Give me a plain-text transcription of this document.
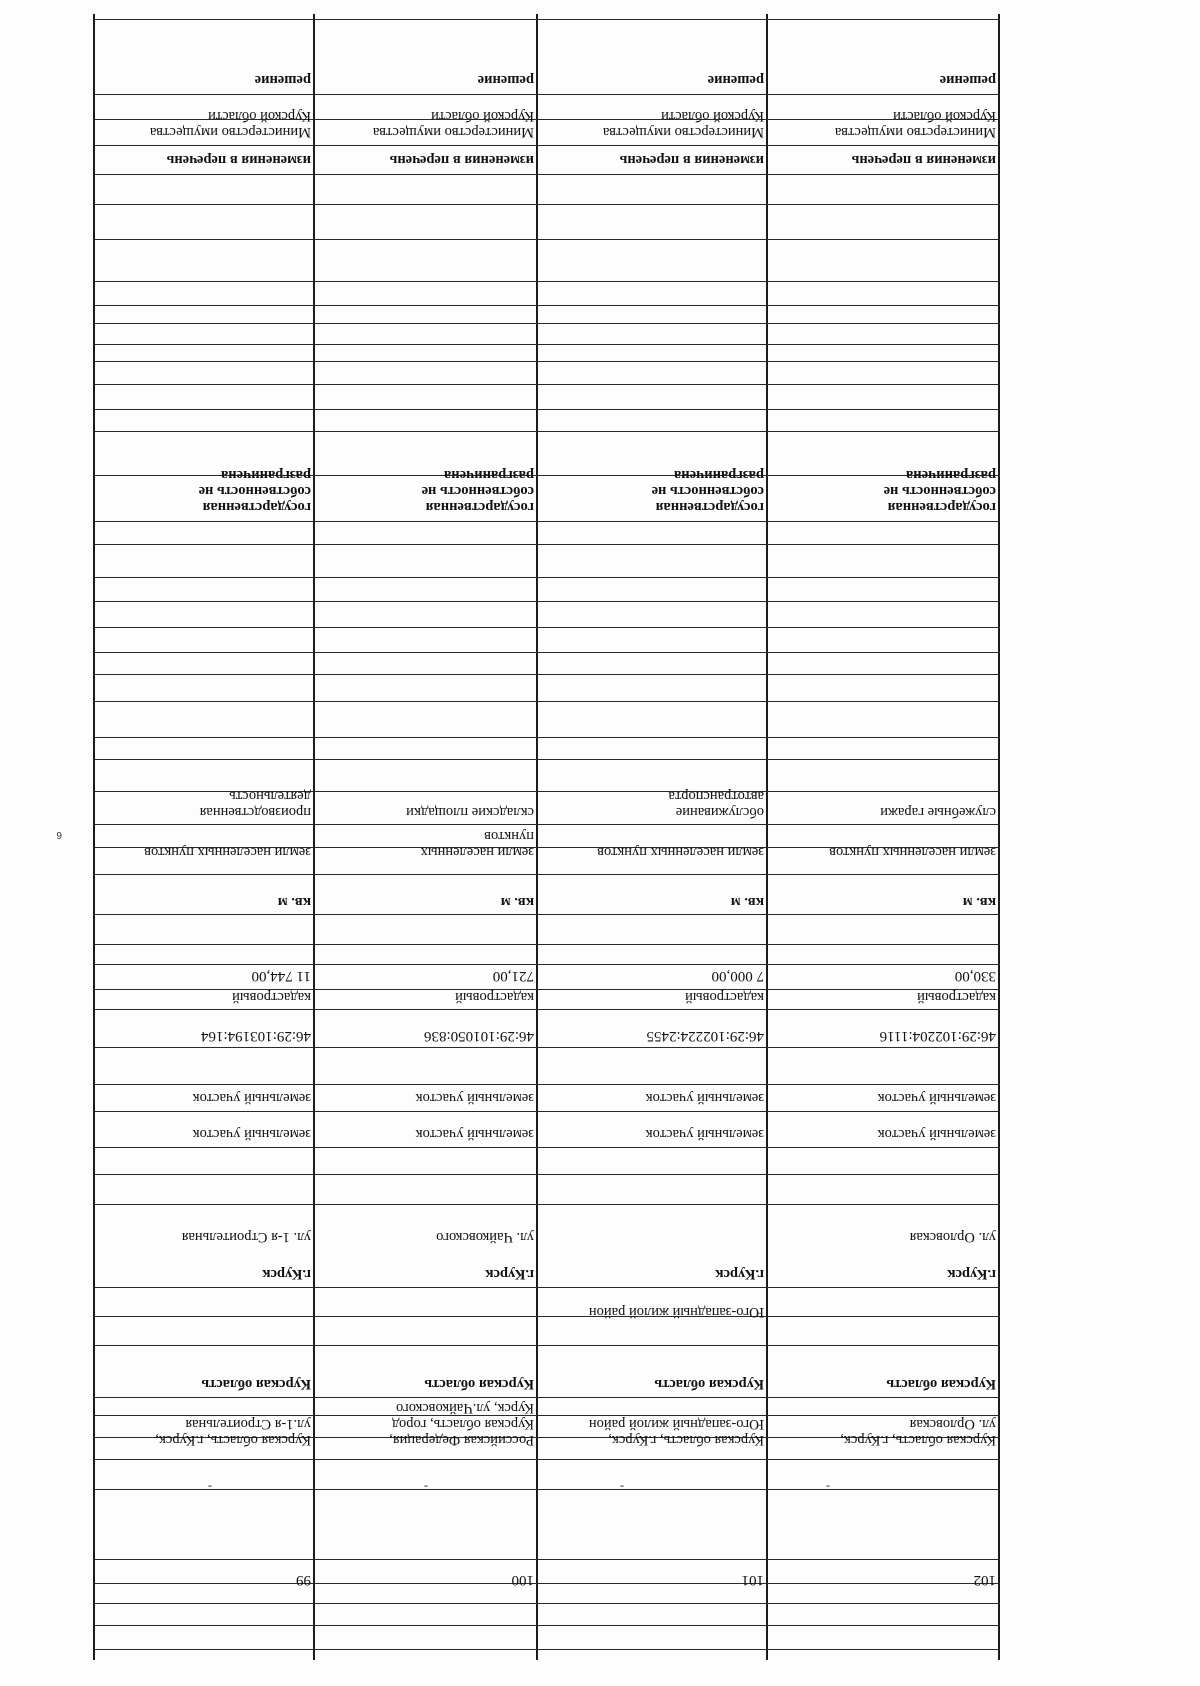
99
Курская область, г.Курск,
ул.1-я Строительная
Курская область
г.Курск
ул. 1-я Строительная
земельный участок
земельный участок
46:29:103194:164
кадастровый
11 744,00
кв. м
земли населенных пунктов
производственная
деятельность
государственная
собственность не
разграничена
изменения в перечень
Министерство имущества
Курской области
решение
100
Российская Федерация,
Курская область, город
Курск, ул.Чайковского
Курская область
г.Курск
ул. Чайковского
земельный участок
земельный участок
46:29:101050:836
кадастровый
721,00
кв. м
земли населенных
пунктов
складские площадки
государственная
собственность не
разграничена
изменения в перечень
Министерство имущества
Курской области
решение
101
Курская область, г.Курск,
Юго-западный жилой район
Курская область
Юго-западный жилой район
г.Курск
земельный участок
земельный участок
46:29:102224:2455
кадастровый
7 000,00
кв. м
земли населенных пунктов
обслуживание
автотранспорта
государственная
собственность не
разграничена
изменения в перечень
Министерство имущества
Курской области
решение
102
Курская область, г.Курск,
ул. Орловская
Курская область
г.Курск
ул. Орловская
земельный участок
земельный участок
46:29:102204:1116
кадастровый
330,00
кв. м
земли населенных пунктов
служебные гаражи
государственная
собственность не
разграничена
изменения в перечень
Министерство имущества
Курской области
решение
6
-
-
-	-
